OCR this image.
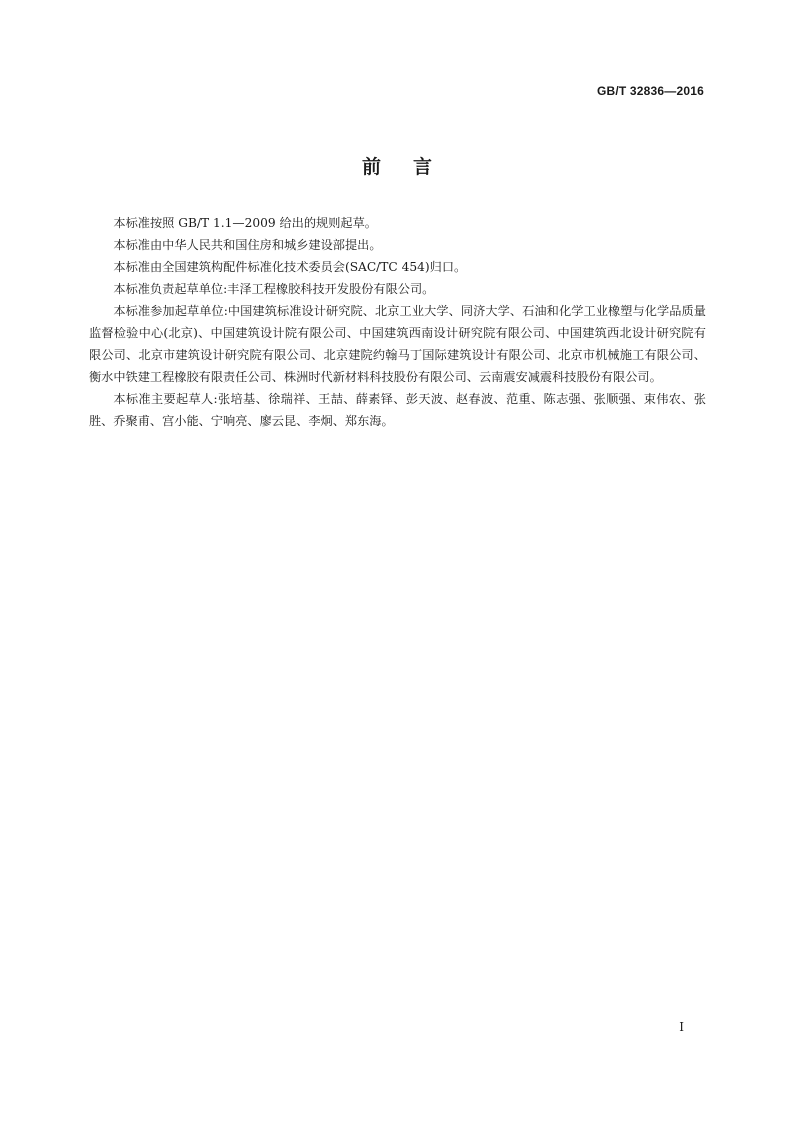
GB/T 32836—2016
前言

本标准按照 GB/T 1.1—2009 给出的规则起草。

本标准由中华人民共和国住房和城乡建设部提出。

本标准由全国建筑构配件标准化技术委员会(SAC/TC 454)归口。

本标准负责起草单位:丰泽工程橡胶科技开发股份有限公司。

本标准参加起草单位:中国建筑标准设计研究院、北京工业大学、同济大学、石油和化学工业橡塑与化学品质量监督检验中心(北京)、中国建筑设计院有限公司、中国建筑西南设计研究院有限公司、中国建筑西北设计研究院有限公司、北京市建筑设计研究院有限公司、北京建院约翰马丁国际建筑设计有限公司、北京市机械施工有限公司、衡水中铁建工程橡胶有限责任公司、株洲时代新材料科技股份有限公司、云南震安减震科技股份有限公司。

本标准主要起草人:张培基、徐瑞祥、王喆、薛素铎、彭天波、赵春波、范重、陈志强、张顺强、束伟农、张胜、乔聚甫、宫小能、宁响亮、廖云昆、李炯、郑东海。

I
